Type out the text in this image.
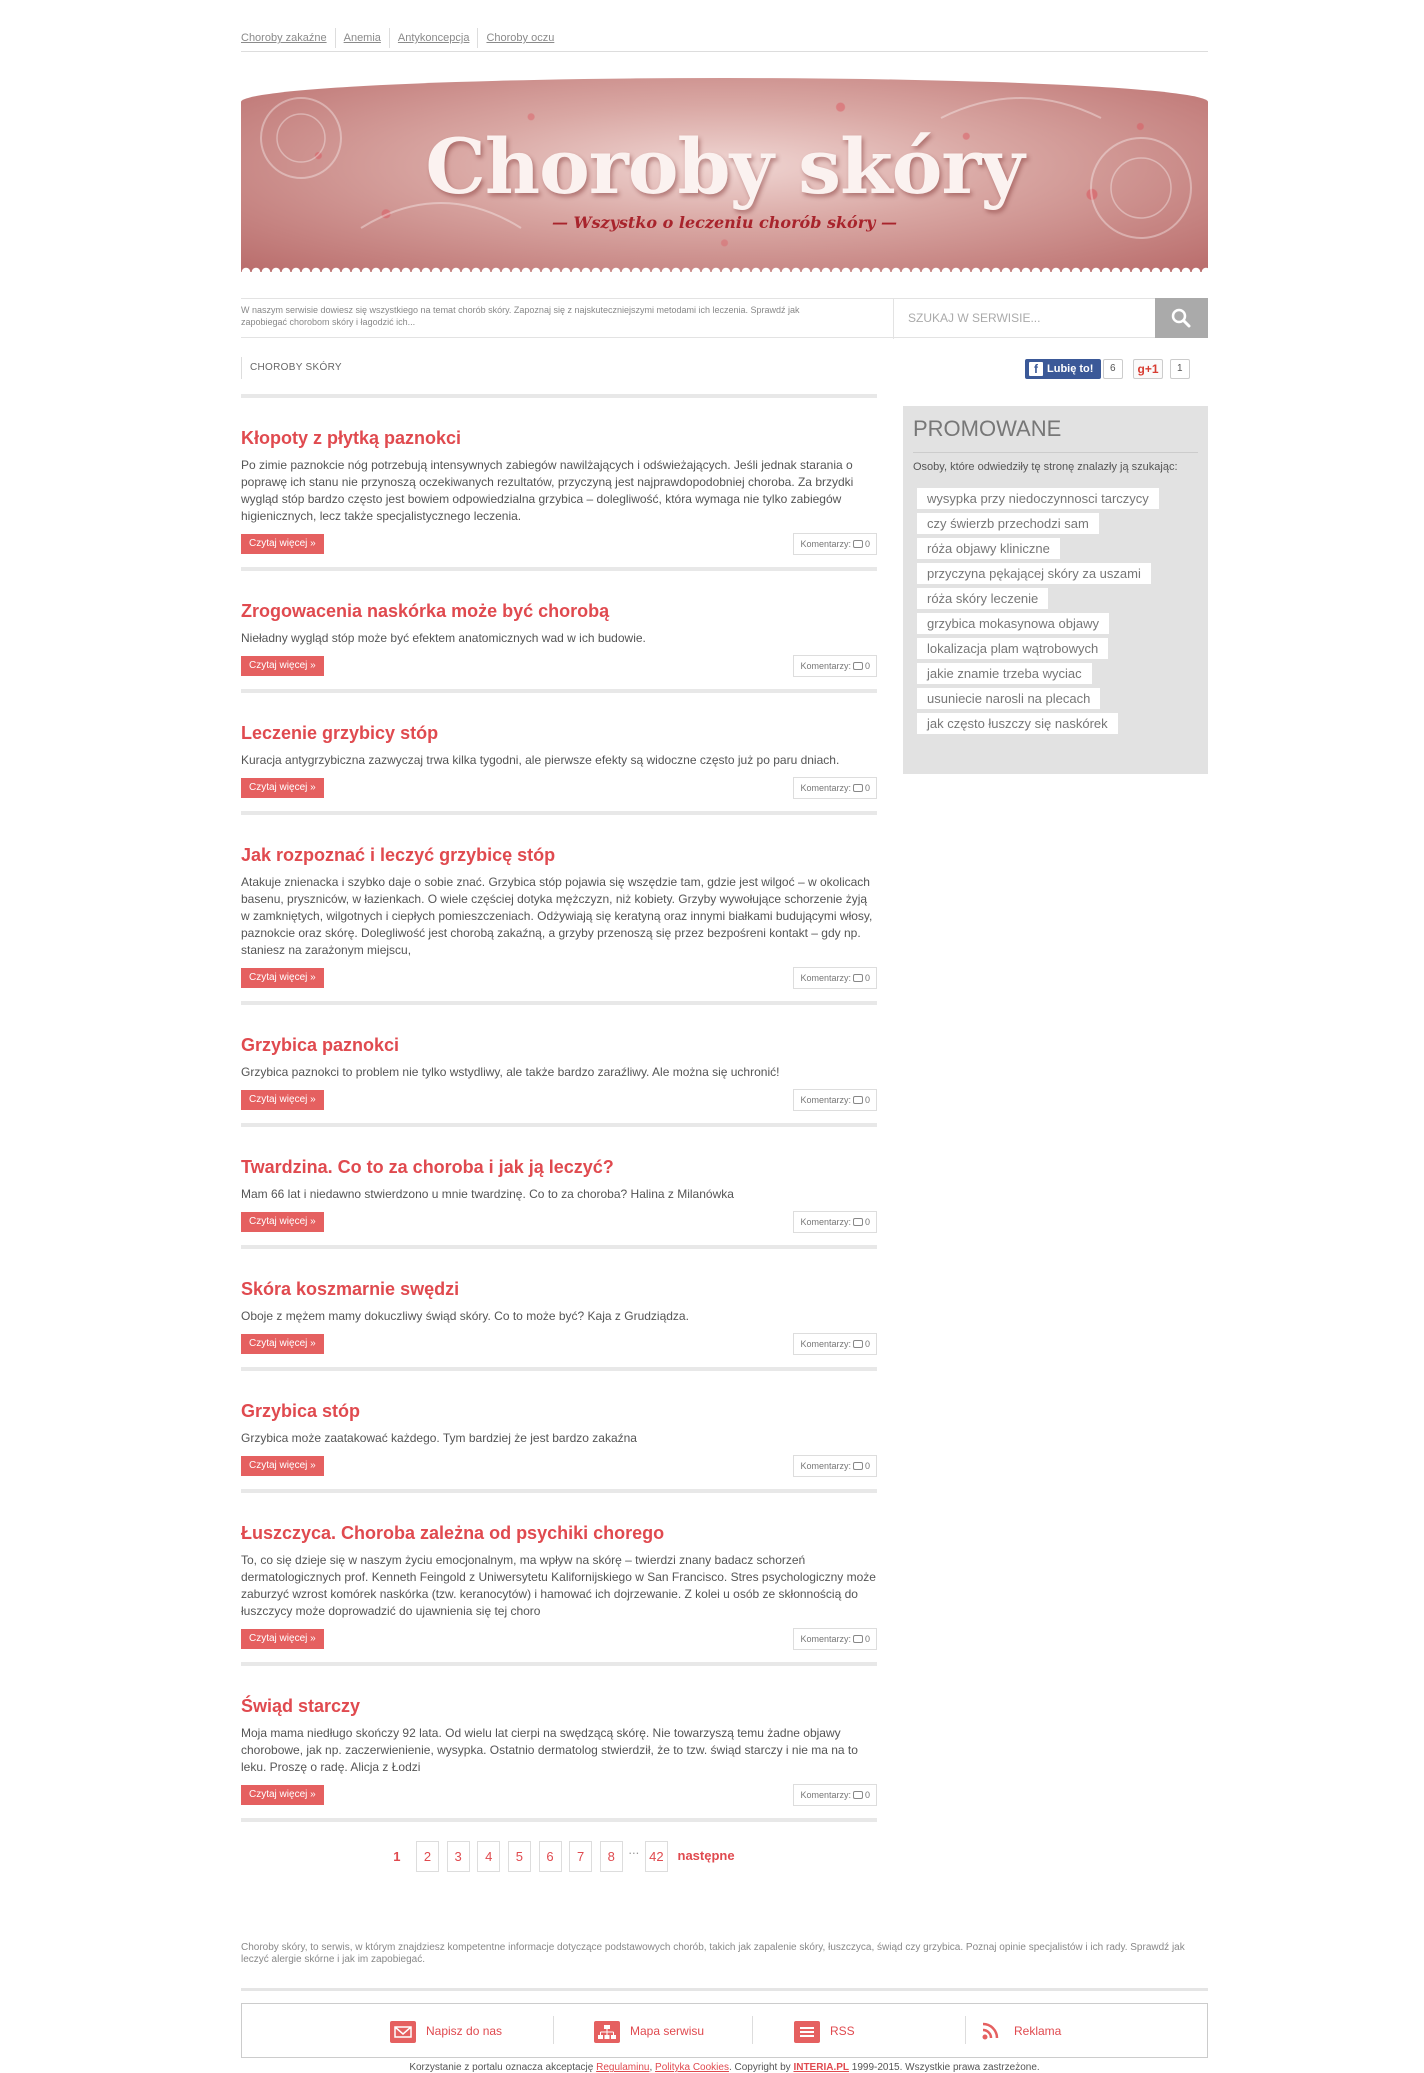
Choroby zakaźne Anemia Antykoncepcja Choroby oczu
Choroby skóry
— Wszystko o leczeniu chorób skóry —
W naszym serwisie dowiesz się wszystkiego na temat chorób skóry. Zapoznaj się z najskuteczniejszymi metodami ich leczenia. Sprawdź jak zapobiegać chorobom skóry i łagodzić ich...
SZUKAJ W SERWISIE...
CHOROBY SKÓRY	f Lubię to!	6	g+1	1
Kłopoty z płytką paznokci

Po zimie paznokcie nóg potrzebują intensywnych zabiegów nawilżających i odświeżających. Jeśli jednak starania o poprawę ich stanu nie przynoszą oczekiwanych rezultatów, przyczyną jest najprawdopodobniej choroba. Za brzydki wygląd stóp bardzo często jest bowiem odpowiedzialna grzybica – dolegliwość, która wymaga nie tylko zabiegów higienicznych, lecz także specjalistycznego leczenia.

Czytaj więcej »	Komentarzy: 0
Zrogowacenia naskórka może być chorobą

Nieładny wygląd stóp może być efektem anatomicznych wad w ich budowie.

Czytaj więcej »	Komentarzy: 0
Leczenie grzybicy stóp

Kuracja antygrzybiczna zazwyczaj trwa kilka tygodni, ale pierwsze efekty są widoczne często już po paru dniach.

Czytaj więcej »	Komentarzy: 0
Jak rozpoznać i leczyć grzybicę stóp

Atakuje znienacka i szybko daje o sobie znać. Grzybica stóp pojawia się wszędzie tam, gdzie jest wilgoć – w okolicach basenu, pryszniców, w łazienkach. O wiele częściej dotyka mężczyzn, niż kobiety. Grzyby wywołujące schorzenie żyją w zamkniętych, wilgotnych i ciepłych pomieszczeniach. Odżywiają się keratyną oraz innymi białkami budującymi włosy, paznokcie oraz skórę. Dolegliwość jest chorobą zakaźną, a grzyby przenoszą się przez bezpośreni kontakt – gdy np. staniesz na zarażonym miejscu,

Czytaj więcej »	Komentarzy: 0
Grzybica paznokci

Grzybica paznokci to problem nie tylko wstydliwy, ale także bardzo zaraźliwy. Ale można się uchronić!

Czytaj więcej »	Komentarzy: 0
Twardzina. Co to za choroba i jak ją leczyć?

Mam 66 lat i niedawno stwierdzono u mnie twardzinę. Co to za choroba? Halina z Milanówka

Czytaj więcej »	Komentarzy: 0
Skóra koszmarnie swędzi

Oboje z mężem mamy dokuczliwy świąd skóry. Co to może być? Kaja z Grudziądza.

Czytaj więcej »	Komentarzy: 0
Grzybica stóp

Grzybica może zaatakować każdego. Tym bardziej że jest bardzo zakaźna

Czytaj więcej »	Komentarzy: 0
Łuszczyca. Choroba zależna od psychiki chorego

To, co się dzieje się w naszym życiu emocjonalnym, ma wpływ na skórę – twierdzi znany badacz schorzeń dermatologicznych prof. Kenneth Feingold z Uniwersytetu Kalifornijskiego w San Francisco. Stres psychologiczny może zaburzyć wzrost komórek naskórka (tzw. keranocytów) i hamować ich dojrzewanie. Z kolei u osób ze skłonnością do łuszczycy może doprowadzić do ujawnienia się tej choro

Czytaj więcej »	Komentarzy: 0
Świąd starczy

Moja mama niedługo skończy 92 lata. Od wielu lat cierpi na swędzącą skórę. Nie towarzyszą temu żadne objawy chorobowe, jak np. zaczerwienienie, wysypka. Ostatnio dermatolog stwierdził, że to tzw. świąd starczy i nie ma na to leku. Proszę o radę. Alicja z Łodzi

Czytaj więcej »	Komentarzy: 0
1 2 3 4 5 6 7 8 ... 42 następne
PROMOWANE
Osoby, które odwiedziły tę stronę znalazły ją szukając:
wysypka przy niedoczynnosci tarczycy
czy świerzb przechodzi sam
róża objawy kliniczne
przyczyna pękającej skóry za uszami
róża skóry leczenie
grzybica mokasynowa objawy
lokalizacja plam wątrobowych
jakie znamie trzeba wyciac
usuniecie narosli na plecach
jak często łuszczy się naskórek
Choroby skóry, to serwis, w którym znajdziesz kompetentne informacje dotyczące podstawowych chorób, takich jak zapalenie skóry, łuszczyca, świąd czy grzybica. Poznaj opinie specjalistów i ich rady. Sprawdź jak leczyć alergie skórne i jak im zapobiegać.
Napisz do nas	Mapa serwisu	RSS	Reklama
Korzystanie z portalu oznacza akceptację Regulaminu, Polityka Cookies. Copyright by INTERIA.PL 1999-2015. Wszystkie prawa zastrzeżone.
